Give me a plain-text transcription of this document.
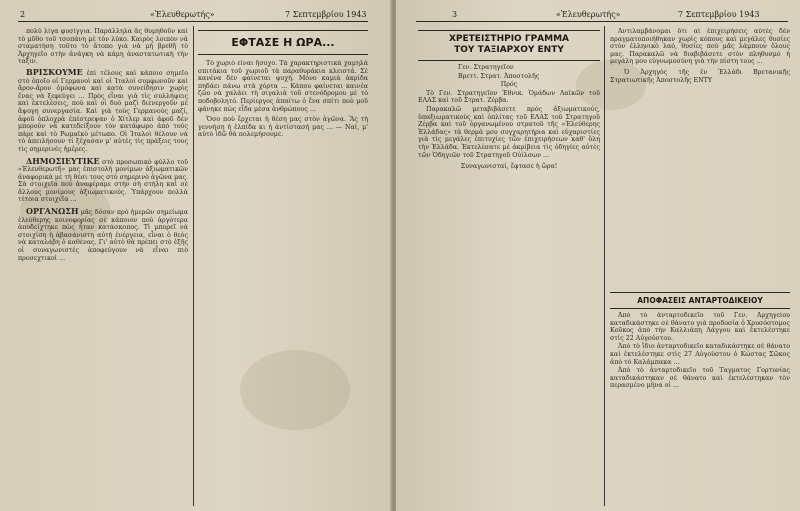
2	«Ἐλευθερωτής»	7 Σεπτεμβρίου 1943

πολύ λίγα φυσίγγια. Παράλληλα ἄς θυμηθοῦν καὶ τὸ μῦθο τοῦ τσοπάνη μὲ τὸν λύκο. Καιρὸς λοιπὸν νὰ σταματήση τοῦτο τὸ ἄτοπο γιὰ νὰ μὴ βρεθῆ τὸ Ἀρχηγεῖο στὴν ἀνάγκη νὰ κάμη ἀναστατωτικὴ τὴν ταξιν.

ΒΡΙΣΚΟΥΜΕ ἐπὶ τέλους καὶ κάποιο σημεῖο στὸ ὁποῖο οἱ Γερμανοὶ καὶ οἱ Ἰταλοὶ συμφωνοῦν καὶ ἄρον-ἄρον ὁμόφωνα καὶ κατὰ συνείδησιν χωρὶς ἕνας νὰ ξεφεύγει ... Πρὸς εἶναι γιὰ τὶς συλλήψεις καὶ ἐκτελέσεις, ποὺ καὶ οἱ δυὸ μαζὶ διενεργοῦν μὲ ἄψογη συνεργασία. Καὶ γιὰ τοὺς Γερμανοὺς μαζί, ἀφοῦ ὁπλοχρὰ ἐπέστρεψαν ὁ Χίτλερ καὶ ἀφοῦ δὲν μπορούν νὰ κατεδείξουν τὸν κατάφωρο ἀπὸ τούς πάρε καὶ τὸ Ρωμαϊκὸ μέτωπο. Οἱ Ἰταλοὶ θέλουν νὰ τὸ ἀπειλήσουν τί ξέχασαν μ' αὐτὲς τὶς πράξεις τους τὶς σημερινὲς ἡμέρες.

ΔΗΜΟΣΙΕΥΤΙΚΕ στὸ προσωπικὸ φύλλο τοῦ «Ἐλευθερωτῆ» μας ἐπιστολὴ μονίμων ἀξιωματικῶν ἀναφορικὰ μὲ τὴ θέσι τους στὸ σημερινὸ ἀγῶνα μας. Σὰ στοιχεῖα ποὺ ἀναφέραμε στὴν σὴ στήλη καὶ σὲ ἄλλους μονίμους ἀξιωματικούς. Ὑπάρχουν πολλὰ τέτοια στοιχεῖα ...

ΟΡΓΑΝΩΣΗ μᾶς δόσαν πρὸ ἡμερῶν σημείωμα ἐλεύθερης κοινοφορίας σὲ κάποιον ποὺ ἀργότερα ἀποδείχτηκε πὼς ἦταν κατάσκοπος. Τὶ μπορεῖ νὰ στοιχίση ἡ ἀβασάνιστη αὐτὴ ἐνέργεια, εἶναι ὁ θεὸς νὰ καταλάβη ὁ καθένας. Γι' αὐτὸ θὰ πρέπει στὸ ἑξῆς οἱ συναγωνιστές ἀποφεύγουν νὰ εἶναι πιὸ προσεχτικοὶ ...

ΕΦΤΑΣΕ Η ΩΡΑ...

Τὸ χωριὸ εἶναι ἥσυχο. Τὰ χαρακτηριστικὰ χαμηλὰ σπιτάκια τοῦ χωριοῦ τὰ παραθυράκια κλειστά. Σὲ κανένα δὲν φαίνεται ψυχή. Μόνο καμιὰ ἀκρίδα πηδάει πάνω στὰ χόρτα ... Κάπου φαίνεται καινέα ζῶο νὰ χαλάει τὴ σιγαλιὰ τοῦ στενόδρομου μὲ τὸ ποδοβολητό. Περίεργος ἀπαίτω ὁ ἕνα σπίτι ποὺ μοῦ φάνηκε πὼς εἶδα μέσα ἀνθρώπους ...

Ὅσο ποὺ ἔρχεται ἡ θέση μας στὸν ἀγῶνα. Ἂς τὴ γεννήση ἡ ἐλπίδα κι ἡ ἀντίστασή μας ... — Ναί, μ' αὐτὸ ἰδῶ θὰ πολεμήσουμε.

3	«Ἐλευθερωτής»	7 Σεπτεμβρίου 1943
ΧΡΕΤΕΙΣΤΗΡΙΟ ΓΡΑΜΜΑ
ΤΟΥ ΤΑΞΙΑΡΧΟΥ ΕΝΤΥ

Γεν. Στρατηγεῖον

Βρεττ. Στρατ. Ἀποστολῆς

Πρός

Τὸ Γεν. Στρατηγεῖον Ἐθνικ. Ὁμάδων Λαϊκῶν τοῦ ΕΛΑΣ καὶ τοῦ Στρατ. Ζέρβα.

Παρακαλῶ μεταβιβάσετε πρὸς ἀξιωματικούς, ὑπαξιωματικοὺς καὶ ὁπλίτας τοῦ ΕΛΑΣ τοῦ Στρατηγοῦ Ζέρβα καὶ τοῦ ὀργανωμένου στρατοῦ τῆς «Ἐλεύθερης Ἑλλάδας» τὰ θερμὰ μου συγχαρητήρια καὶ εὐχαριστίες γιὰ τὶς μεγάλες ἐπιτυχίες τῶν ἐπιχειρήσεων καθ' ὅλη τὴν Ἑλλάδα. Ἐκτελέσατε μὲ ἀκρίβεια τὶς ὁδηγίες αὐτὲς τῶν Ὁδηγιῶν τοῦ Στρατηγοῦ Οὐίλσων ...

Συναγωνισταί, ἔφτασε ἡ ὥρα!

Ἀντιλαμβάνομαι ὅτι αἱ ἐπιχειρήσεις αὐτὲς δὲν πραγματοποιήθηκαν χωρὶς κόπους καὶ μεγάλες θυσίες στὸν ἑλληνικὸ λαό, θυσίες ποὺ μᾶς λάμπουν ὅλους μας. Παρακαλῶ νὰ διαβιβάσετε στὸν πληθυσμὸ ἡ μεγάλη μου εὐγνωμοσύνη γιὰ τὴν πίστη τους ...

Ὁ Ἀρχηγὸς τῆς ἐν Ἑλλάδι Βρετανικῆς Στρατιωτικῆς Ἀποστολῆς ΕΝΤΥ

ΑΠΟΦΑΣΕΙΣ ΑΝΤΑΡΤΟΔΙΚΕΙΟΥ

Ἀπὸ τὸ ἀνταρτοδικεῖο τοῦ Γεν. Ἀρχηγείου καταδικάστηκε σὲ θάνατο γιὰ προδοσία ὁ Χρυσόστομος Κοῦκος ἀπὸ τὴν Καλλιάπη Λάγγου καὶ ἐκτελέστηκε στὶς 22 Αὐγούστου.

Ἀπὸ τὸ ἴδιο ἀνταρτοδικεῖο καταδικάστηκε σὲ θάνατο καὶ ἐκτελέστηκε στὶς 27 Αὐγούστου ὁ Κώστας Σῶκος ἀπὸ τὸ Καλάμπακα ...

Ἀπὸ τὸ ἀνταρτοδικεῖο τοῦ Ταγματος Γορτυνίας καταδικάστηκαν σὲ θάνατο καὶ ἐκτελέστηκαν τὸν περασμένο μήνα οἱ ...
